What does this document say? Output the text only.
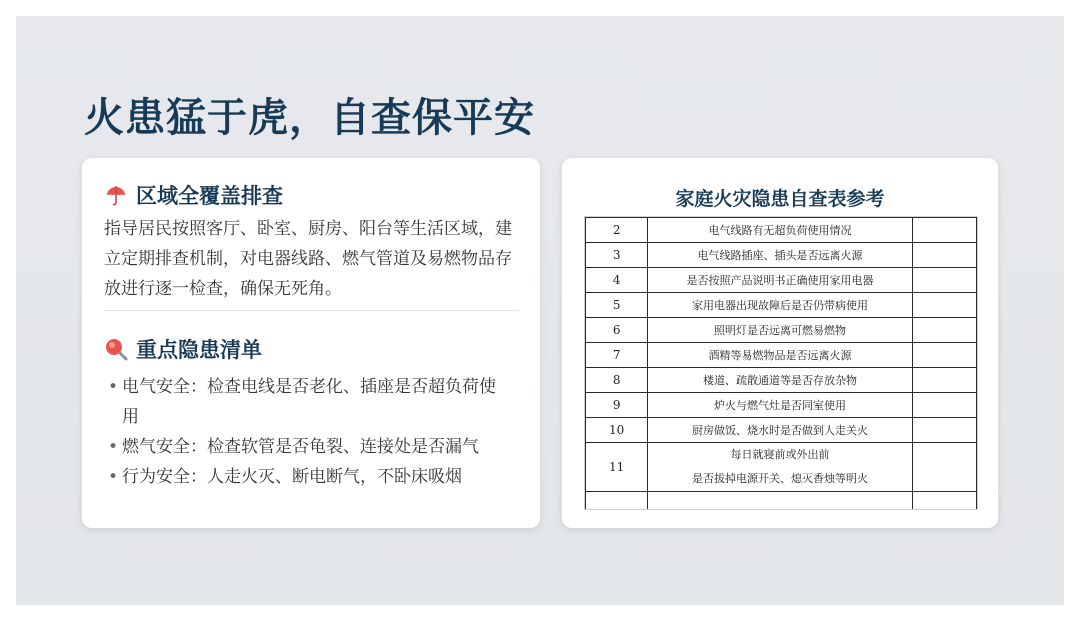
火患猛于虎，自查保平安
区域全覆盖排查

指导居民按照客厅、卧室、厨房、阳台等生活区域，建立定期排查机制，对电器线路、燃气管道及易燃物品存放进行逐一检查，确保无死角。

重点隐患清单
• 电气安全：检查电线是否老化、插座是否超负荷使用
• 燃气安全：检查软管是否龟裂、连接处是否漏气
• 行为安全：人走火灭、断电断气，不卧床吸烟
家庭火灾隐患自查表参考
2	电气线路有无超负荷使用情况	
3	电气线路插座、插头是否远离火源	
4	是否按照产品说明书正确使用家用电器	
5	家用电器出现故障后是否仍带病使用	
6	照明灯是否远离可燃易燃物	
7	酒精等易燃物品是否远离火源	
8	楼道、疏散通道等是否存放杂物	
9	炉火与燃气灶是否同室使用	
10	厨房做饭、烧水时是否做到人走关火	
11	每日就寝前或外出前
是否拔掉电源开关、熄灭香烛等明火	
